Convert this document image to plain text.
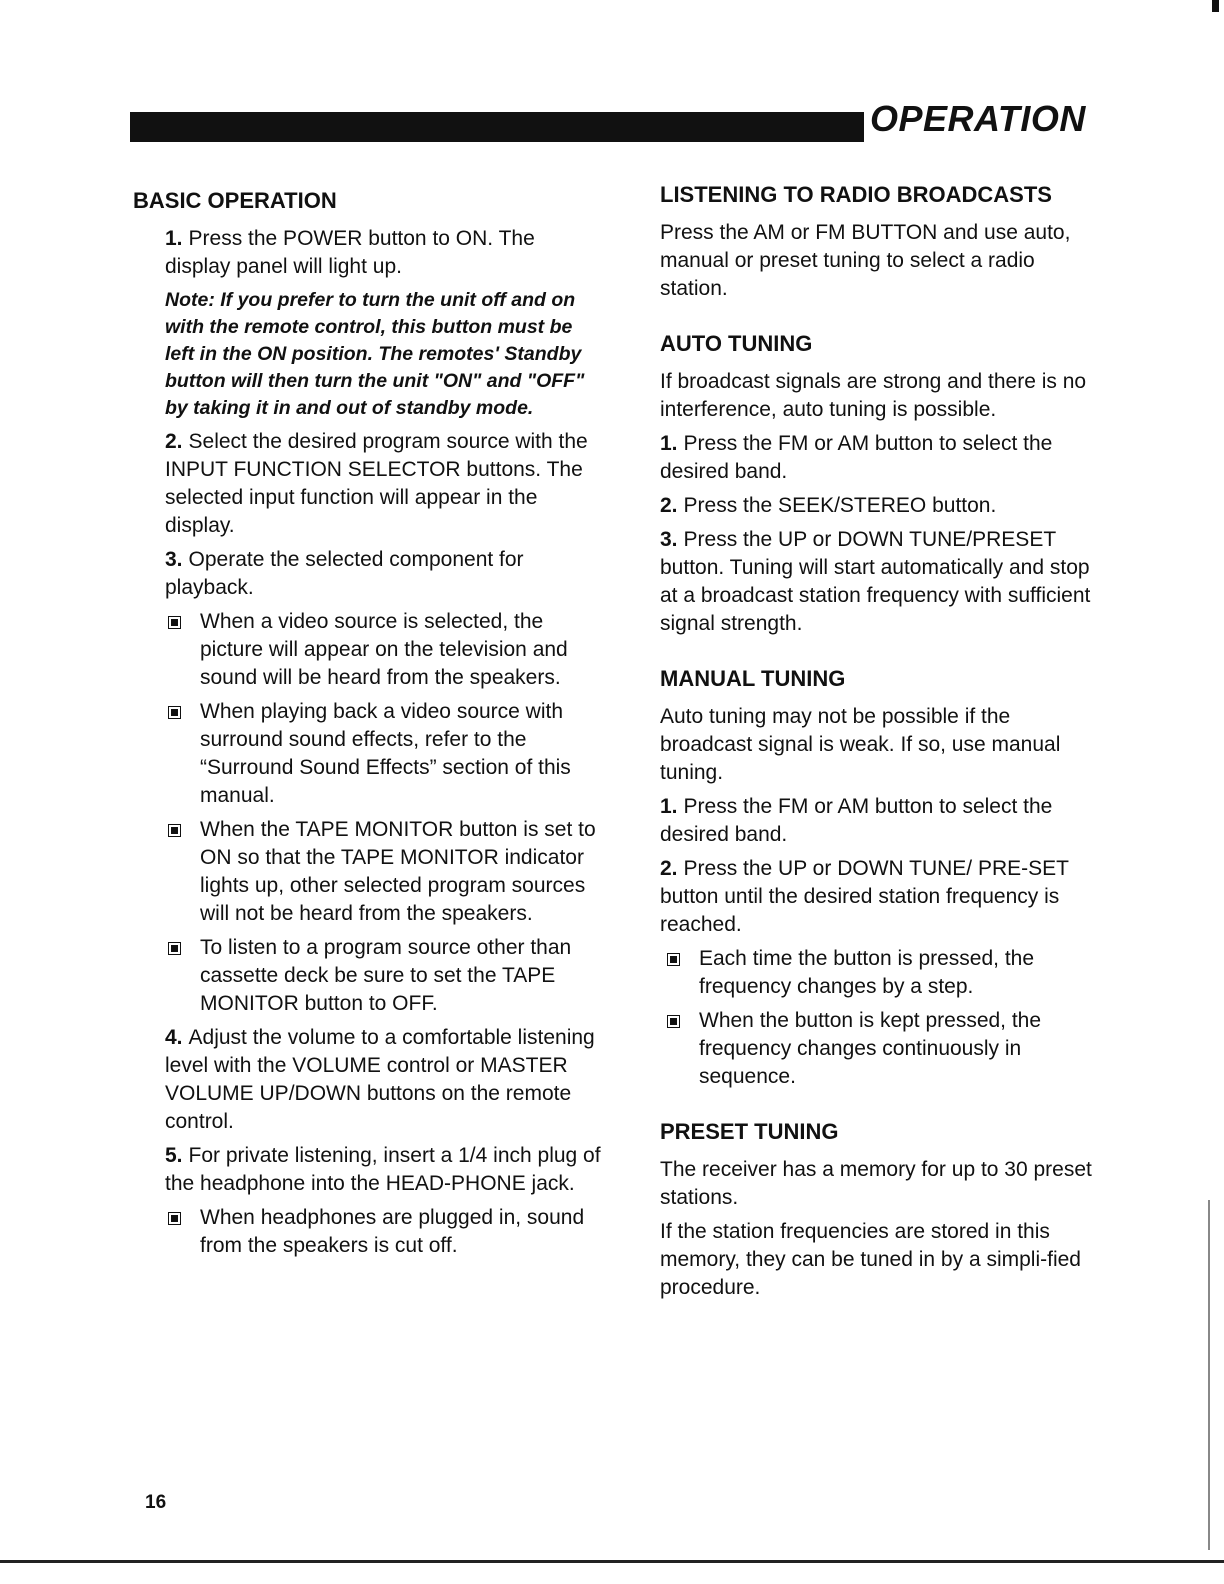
OPERATION
BASIC OPERATION

1. Press the POWER button to ON. The display panel will light up.

Note: If you prefer to turn the unit off and on with the remote control, this button must be left in the ON position. The remotes' Standby button will then turn the unit "ON" and "OFF" by taking it in and out of standby mode.

2. Select the desired program source with the INPUT FUNCTION SELECTOR buttons. The selected input function will appear in the display.

3. Operate the selected component for playback.

When a video source is selected, the picture will appear on the television and sound will be heard from the speakers.
When playing back a video source with surround sound effects, refer to the “Surround Sound Effects” section of this manual.
When the TAPE MONITOR button is set to ON so that the TAPE MONITOR indicator lights up, other selected program sources will not be heard from the speakers.
To listen to a program source other than cassette deck be sure to set the TAPE MONITOR button to OFF.

4. Adjust the volume to a comfortable listening level with the VOLUME control or MASTER VOLUME UP/DOWN buttons on the remote control.

5. For private listening, insert a 1/4 inch plug of the headphone into the HEAD-PHONE jack.

When headphones are plugged in, sound from the speakers is cut off.
LISTENING TO RADIO BROADCASTS

Press the AM or FM BUTTON and use auto, manual or preset tuning to select a radio station.

AUTO TUNING

If broadcast signals are strong and there is no interference, auto tuning is possible.

1. Press the FM or AM button to select the desired band.

2. Press the SEEK/STEREO button.

3. Press the UP or DOWN TUNE/PRESET button. Tuning will start automatically and stop at a broadcast station frequency with sufficient signal strength.

MANUAL TUNING

Auto tuning may not be possible if the broadcast signal is weak. If so, use manual tuning.

1. Press the FM or AM button to select the desired band.

2. Press the UP or DOWN TUNE/ PRE-SET button until the desired station frequency is reached.

Each time the button is pressed, the frequency changes by a step.
When the button is kept pressed, the frequency changes continuously in sequence.
PRESET TUNING

The receiver has a memory for up to 30 preset stations.

If the station frequencies are stored in this memory, they can be tuned in by a simpli-fied procedure.

16
